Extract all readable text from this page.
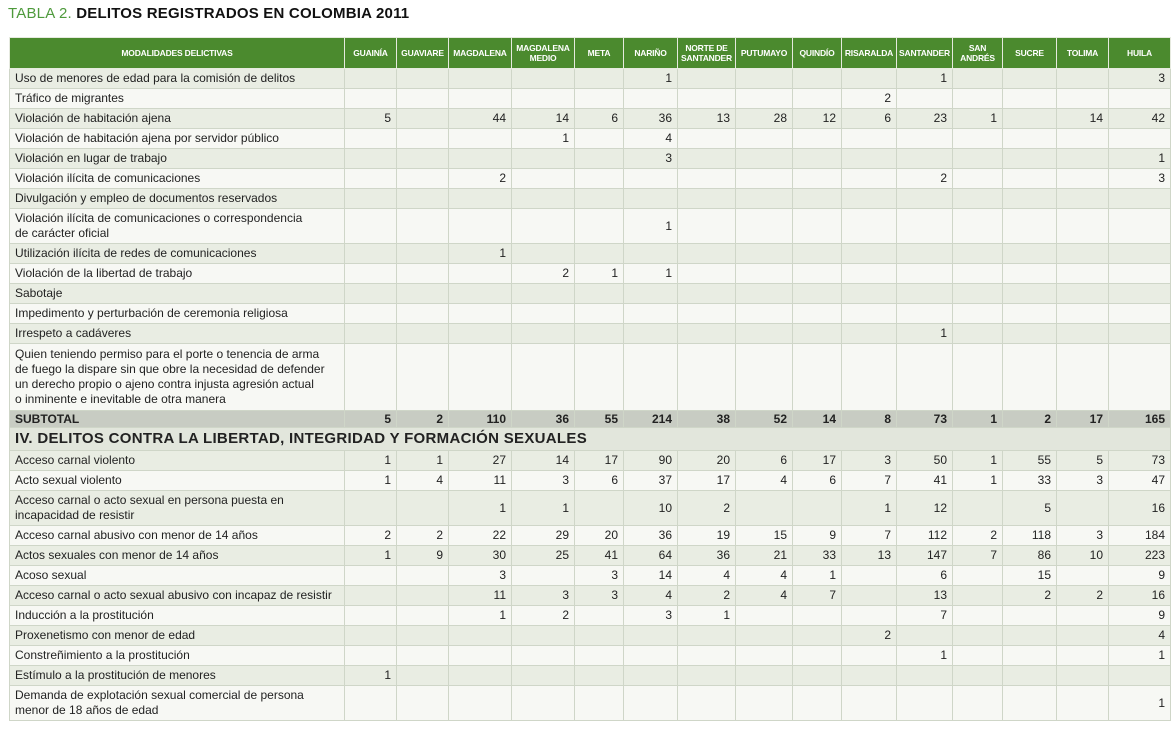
TABLA 2. DELITOS REGISTRADOS EN COLOMBIA 2011
MODALIDADES DELICTIVAS	GUAINÍA	GUAVIARE	MAGDALENA	MAGDALENA MEDIO	META	NARIÑO	NORTE DE SANTANDER	PUTUMAYO	QUINDÍO	RISARALDA	SANTANDER	SAN ANDRÉS	SUCRE	TOLIMA	HUILA
Uso de menores de edad para la comisión de delitos						1					1				3
Tráfico de migrantes										2					
Violación de habitación ajena	5		44	14	6	36	13	28	12	6	23	1		14	42
Violación de habitación ajena por servidor público				1		4									
Violación en lugar de trabajo						3									1
Violación ilícita de comunicaciones			2								2				3
Divulgación y empleo de documentos reservados															
Violación ilícita de comunicaciones o correspondencia
de carácter oficial						1									
Utilización ilícita de redes de comunicaciones			1												
Violación de la libertad de trabajo				2	1	1									
Sabotaje															
Impedimento y perturbación de ceremonia religiosa															
Irrespeto a cadáveres											1				
Quien teniendo permiso para el porte o tenencia de arma
de fuego la dispare sin que obre la necesidad de defender
un derecho propio o ajeno contra injusta agresión actual
o inminente e inevitable de otra manera															
SUBTOTAL	5	2	110	36	55	214	38	52	14	8	73	1	2	17	165
IV. DELITOS CONTRA LA LIBERTAD, INTEGRIDAD Y FORMACIÓN SEXUALES															
Acceso carnal violento	1	1	27	14	17	90	20	6	17	3	50	1	55	5	73
Acto sexual violento	1	4	11	3	6	37	17	4	6	7	41	1	33	3	47
Acceso carnal o acto sexual en persona puesta en
incapacidad de resistir			1	1		10	2			1	12		5		16
Acceso carnal abusivo con menor de 14 años	2	2	22	29	20	36	19	15	9	7	112	2	118	3	184
Actos sexuales con menor de 14 años	1	9	30	25	41	64	36	21	33	13	147	7	86	10	223
Acoso sexual			3		3	14	4	4	1		6		15		9
Acceso carnal o acto sexual abusivo con incapaz de resistir			11	3	3	4	2	4	7		13		2	2	16
Inducción a la prostitución			1	2		3	1				7				9
Proxenetismo con menor de edad										2					4
Constreñimiento a la prostitución											1				1
Estímulo a la prostitución de menores	1														
Demanda de explotación sexual comercial de persona
menor de 18 años de edad															1
